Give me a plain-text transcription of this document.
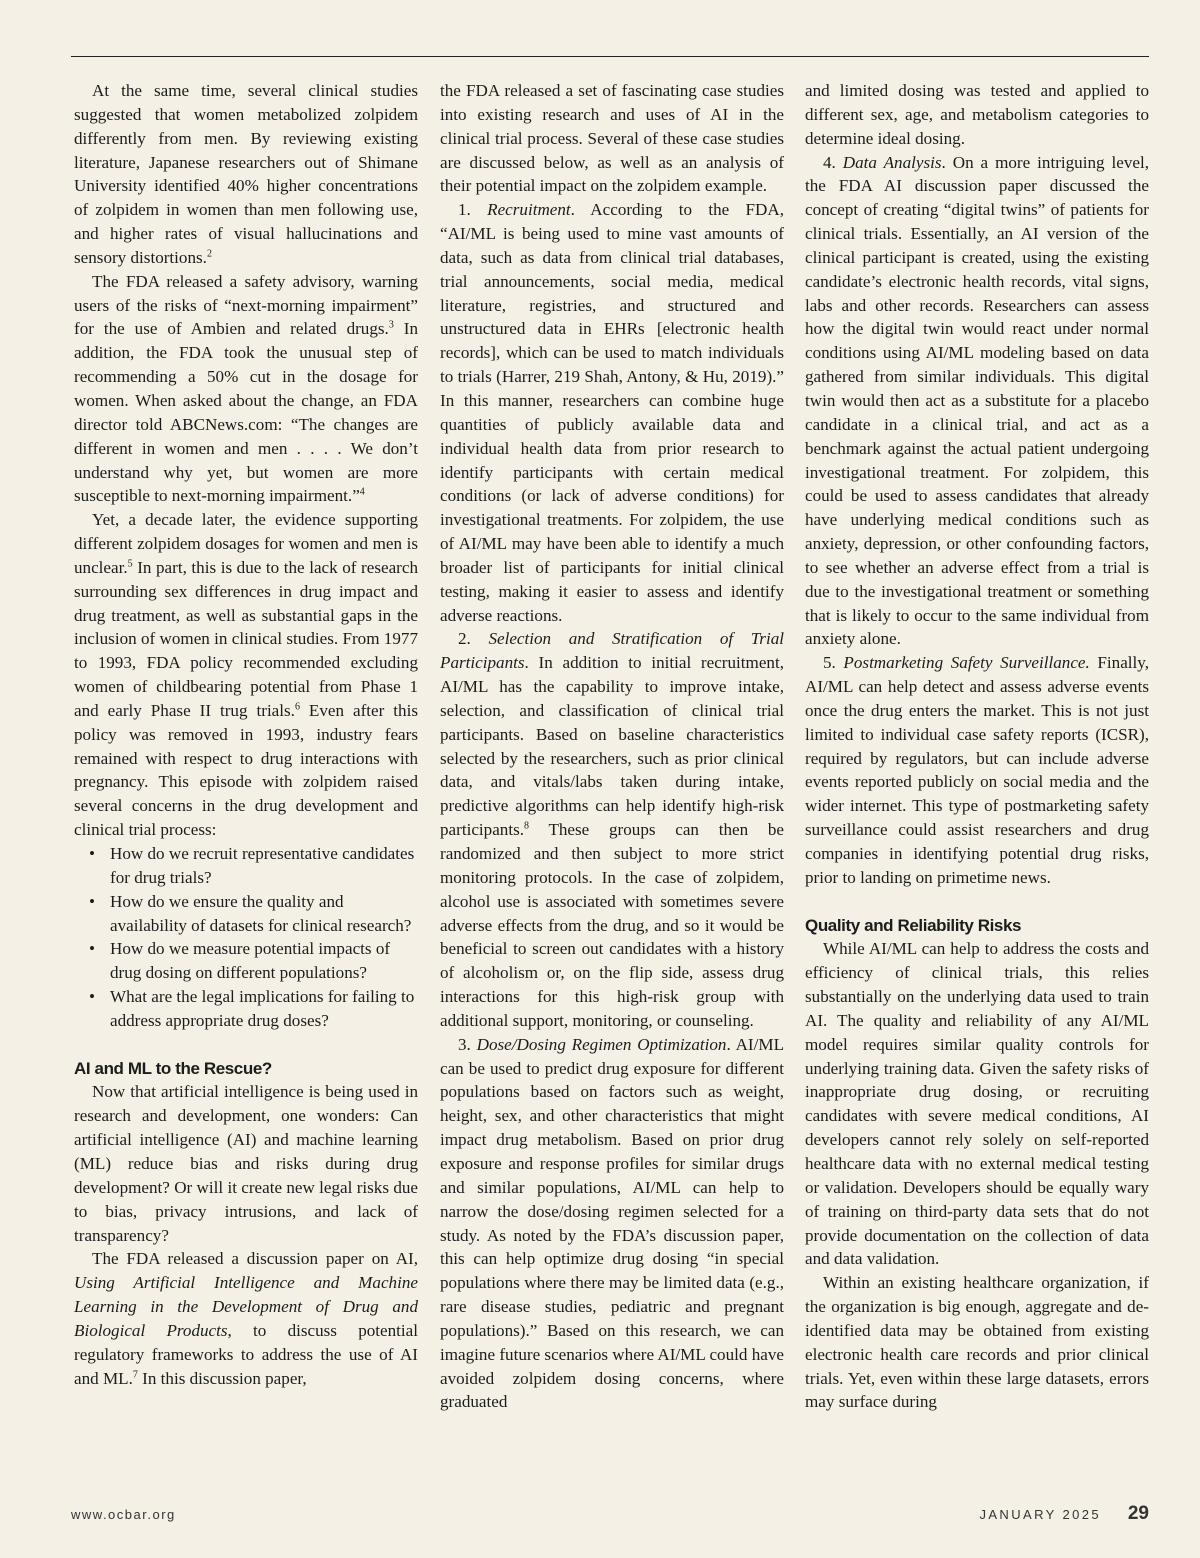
At the same time, several clinical studies suggested that women metabolized zolpidem differently from men. By reviewing existing literature, Japanese researchers out of Shimane University identified 40% higher concentrations of zolpidem in women than men following use, and higher rates of visual hallucinations and sensory distortions.$^2$

The FDA released a safety advisory, warning users of the risks of “next-morning impairment” for the use of Ambien and related drugs.$^3$ In addition, the FDA took the unusual step of recommending a 50% cut in the dosage for women. When asked about the change, an FDA director told ABCNews.com: “The changes are different in women and men . . . . We don’t understand why yet, but women are more susceptible to next-morning impairment.”$^4$

Yet, a decade later, the evidence supporting different zolpidem dosages for women and men is unclear.$^5$ In part, this is due to the lack of research surrounding sex differences in drug impact and drug treatment, as well as substantial gaps in the inclusion of women in clinical studies. From 1977 to 1993, FDA policy recommended excluding women of childbearing potential from Phase 1 and early Phase II trug trials.$^6$ Even after this policy was removed in 1993, industry fears remained with respect to drug interactions with pregnancy. This episode with zolpidem raised several concerns in the drug development and clinical trial process:

• How do we recruit representative candidates for drug trials?
• How do we ensure the quality and availability of datasets for clinical research?
• How do we measure potential impacts of drug dosing on different populations?
• What are the legal implications for failing to address appropriate drug doses?
AI and ML to the Rescue?

Now that artificial intelligence is being used in research and development, one wonders: Can artificial intelligence (AI) and machine learning (ML) reduce bias and risks during drug development? Or will it create new legal risks due to bias, privacy intrusions, and lack of transparency?

The FDA released a discussion paper on AI, Using Artificial Intelligence and Machine Learning in the Development of Drug and Biological Products, to discuss potential regulatory frameworks to address the use of AI and ML.$^7$ In this discussion paper,

the FDA released a set of fascinating case studies into existing research and uses of AI in the clinical trial process. Several of these case studies are discussed below, as well as an analysis of their potential impact on the zolpidem example.

1. Recruitment. According to the FDA, “AI/ML is being used to mine vast amounts of data, such as data from clinical trial databases, trial announcements, social media, medical literature, registries, and structured and unstructured data in EHRs [electronic health records], which can be used to match individuals to trials (Harrer, 219 Shah, Antony, & Hu, 2019).” In this manner, researchers can combine huge quantities of publicly available data and individual health data from prior research to identify participants with certain medical conditions (or lack of adverse conditions) for investigational treatments. For zolpidem, the use of AI/ML may have been able to identify a much broader list of participants for initial clinical testing, making it easier to assess and identify adverse reactions.

2. Selection and Stratification of Trial Participants. In addition to initial recruitment, AI/ML has the capability to improve intake, selection, and classification of clinical trial participants. Based on baseline characteristics selected by the researchers, such as prior clinical data, and vitals/labs taken during intake, predictive algorithms can help identify high-risk participants.$^8$ These groups can then be randomized and then subject to more strict monitoring protocols. In the case of zolpidem, alcohol use is associated with sometimes severe adverse effects from the drug, and so it would be beneficial to screen out candidates with a history of alcoholism or, on the flip side, assess drug interactions for this high-risk group with additional support, monitoring, or counseling.

3. Dose/Dosing Regimen Optimization. AI/ML can be used to predict drug exposure for different populations based on factors such as weight, height, sex, and other characteristics that might impact drug metabolism. Based on prior drug exposure and response profiles for similar drugs and similar populations, AI/ML can help to narrow the dose/dosing regimen selected for a study. As noted by the FDA’s discussion paper, this can help optimize drug dosing “in special populations where there may be limited data (e.g., rare disease studies, pediatric and pregnant populations).” Based on this research, we can imagine future scenarios where AI/ML could have avoided zolpidem dosing concerns, where graduated

and limited dosing was tested and applied to different sex, age, and metabolism categories to determine ideal dosing.

4. Data Analysis. On a more intriguing level, the FDA AI discussion paper discussed the concept of creating “digital twins” of patients for clinical trials. Essentially, an AI version of the clinical participant is created, using the existing candidate’s electronic health records, vital signs, labs and other records. Researchers can assess how the digital twin would react under normal conditions using AI/ML modeling based on data gathered from similar individuals. This digital twin would then act as a substitute for a placebo candidate in a clinical trial, and act as a benchmark against the actual patient undergoing investigational treatment. For zolpidem, this could be used to assess candidates that already have underlying medical conditions such as anxiety, depression, or other confounding factors, to see whether an adverse effect from a trial is due to the investigational treatment or something that is likely to occur to the same individual from anxiety alone.

5. Postmarketing Safety Surveillance. Finally, AI/ML can help detect and assess adverse events once the drug enters the market. This is not just limited to individual case safety reports (ICSR), required by regulators, but can include adverse events reported publicly on social media and the wider internet. This type of postmarketing safety surveillance could assist researchers and drug companies in identifying potential drug risks, prior to landing on primetime news.

Quality and Reliability Risks

While AI/ML can help to address the costs and efficiency of clinical trials, this relies substantially on the underlying data used to train AI. The quality and reliability of any AI/ML model requires similar quality controls for underlying training data. Given the safety risks of inappropriate drug dosing, or recruiting candidates with severe medical conditions, AI developers cannot rely solely on self-reported healthcare data with no external medical testing or validation. Developers should be equally wary of training on third-party data sets that do not provide documentation on the collection of data and data validation.

Within an existing healthcare organization, if the organization is big enough, aggregate and de-identified data may be obtained from existing electronic health care records and prior clinical trials. Yet, even within these large datasets, errors may surface during

www.ocbar.org	JANUARY 2025 29
